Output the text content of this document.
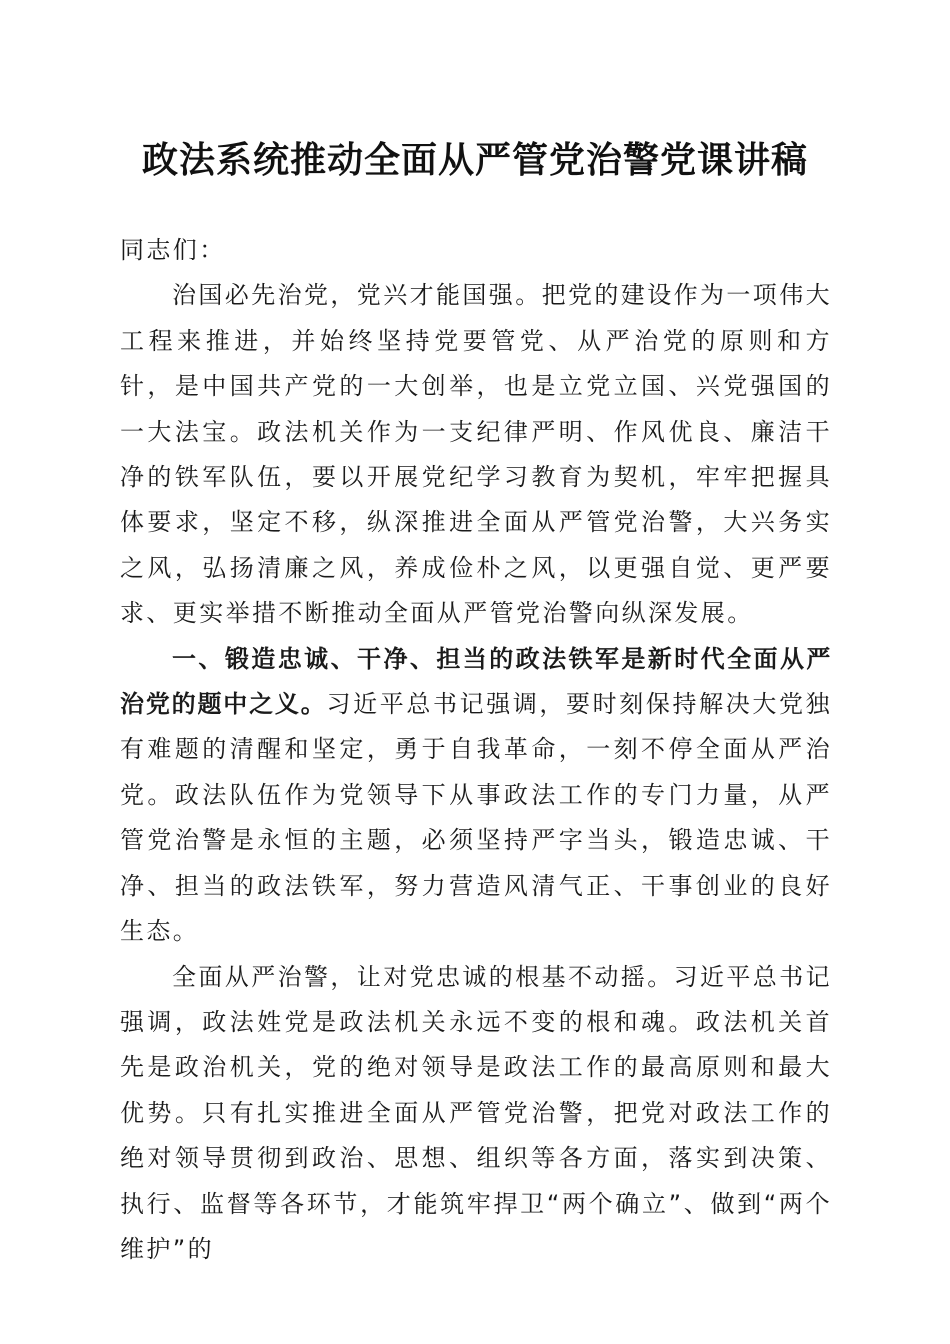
政法系统推动全面从严管党治警党课讲稿

同志们：

治国必先治党，党兴才能国强。把党的建设作为一项伟大工程来推进，并始终坚持党要管党、从严治党的原则和方针，是中国共产党的一大创举，也是立党立国、兴党强国的一大法宝。政法机关作为一支纪律严明、作风优良、廉洁干净的铁军队伍，要以开展党纪学习教育为契机，牢牢把握具体要求，坚定不移，纵深推进全面从严管党治警，大兴务实之风，弘扬清廉之风，养成俭朴之风，以更强自觉、更严要求、更实举措不断推动全面从严管党治警向纵深发展。

一、锻造忠诚、干净、担当的政法铁军是新时代全面从严治党的题中之义。习近平总书记强调，要时刻保持解决大党独有难题的清醒和坚定，勇于自我革命，一刻不停全面从严治党。政法队伍作为党领导下从事政法工作的专门力量，从严管党治警是永恒的主题，必须坚持严字当头，锻造忠诚、干净、担当的政法铁军，努力营造风清气正、干事创业的良好生态。

全面从严治警，让对党忠诚的根基不动摇。习近平总书记强调，政法姓党是政法机关永远不变的根和魂。政法机关首先是政治机关，党的绝对领导是政法工作的最高原则和最大优势。只有扎实推进全面从严管党治警，把党对政法工作的绝对领导贯彻到政治、思想、组织等各方面，落实到决策、执行、监督等各环节，才能筑牢捍卫“两个确立”、做到“两个维护”的
